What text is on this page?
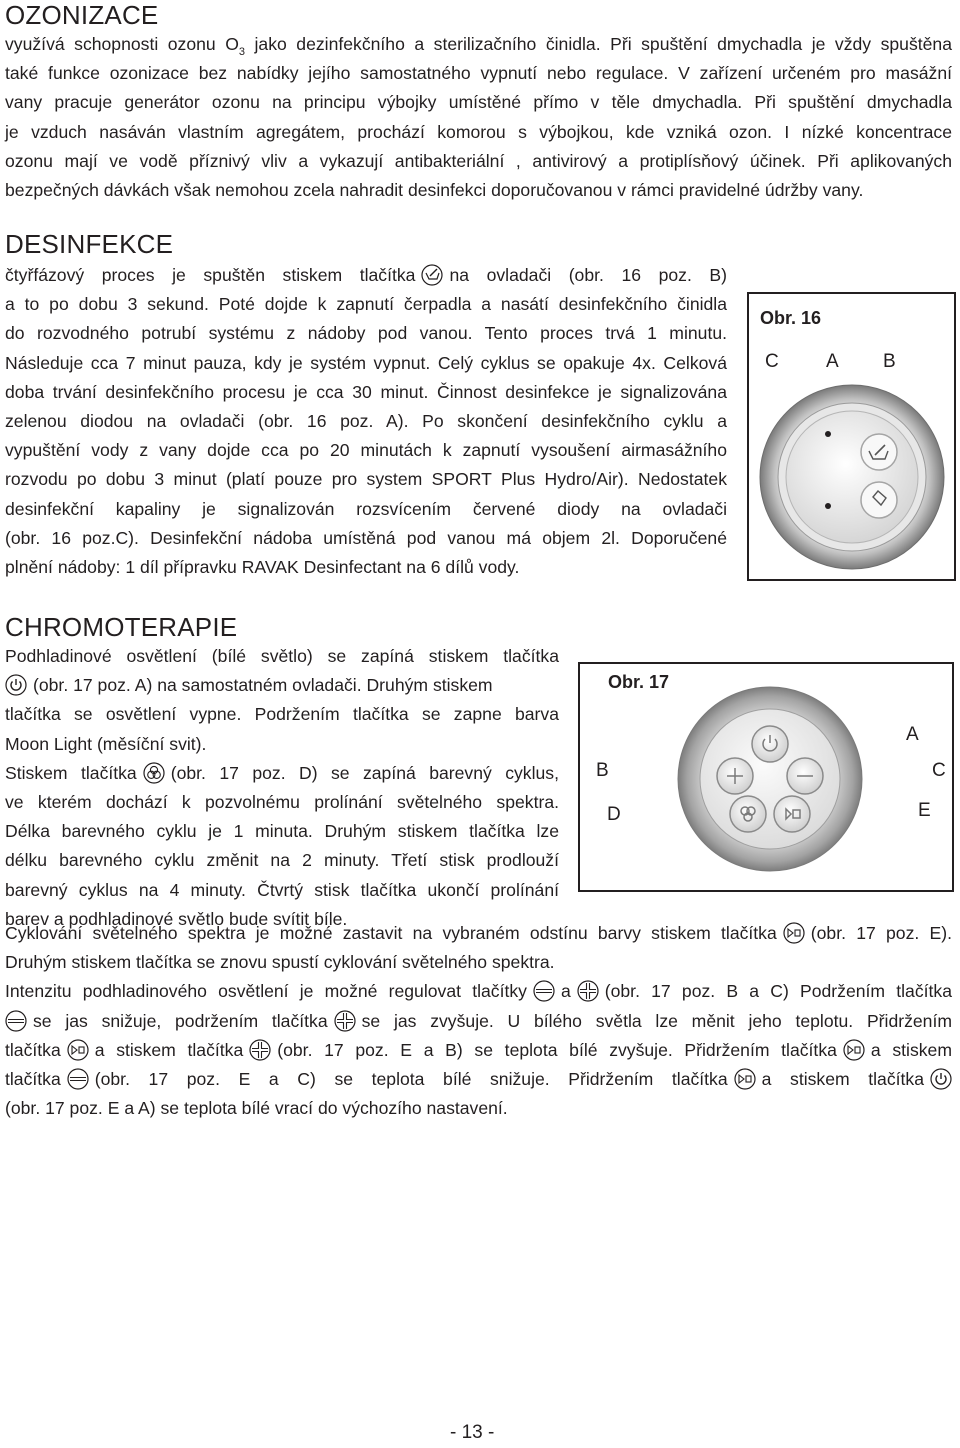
OZONIZACE
využívá schopnosti ozonu $O_3$ jako dezinfekčního a sterilizačního činidla. Při spuštění dmychadla je vždy spuštěna
také funkce ozonizace bez nabídky jejího samostatného vypnutí nebo regulace. V zařízení určeném pro masážní
vany pracuje generátor ozonu na principu výbojky umístěné přímo v těle dmychadla. Při spuštění dmychadla
je vzduch nasáván vlastním agregátem, prochází komorou s výbojkou, kde vzniká ozon. I nízké koncentrace
ozonu mají ve vodě příznivý vliv a vykazují antibakteriální , antivirový a protiplísňový účinek. Při aplikovaných
bezpečných dávkách však nemohou zcela nahradit desinfekci doporučovanou v rámci pravidelné údržby vany.
DESINFEKCE
čtyřfázový proces je spuštěn stiskem tlačítka na ovladači (obr. 16 poz. B)
a to po dobu 3 sekund. Poté dojde k zapnutí čerpadla a nasátí desinfekčního činidla
do rozvodného potrubí systému z nádoby pod vanou. Tento proces trvá 1 minutu.
Následuje cca 7 minut pauza, kdy je systém vypnut. Celý cyklus se opakuje 4x. Celková
doba trvání desinfekčního procesu je cca 30 minut. Činnost desinfekce je signalizována
zelenou diodou na ovladači (obr. 16 poz. A). Po skončení desinfekčního cyklu a
vypuštění vody z vany dojde cca po 20 minutách k zapnutí vysoušení airmasážního
rozvodu po dobu 3 minut (platí pouze pro system SPORT Plus Hydro/Air). Nedostatek
desinfekční kapaliny je signalizován rozsvícením červené diody na ovladači
(obr. 16 poz.C). Desinfekční nádoba umístěná pod vanou má objem 2l. Doporučené
plnění nádoby: 1 díl přípravku RAVAK Desinfectant na 6 dílů vody.
Obr. 16
C A B
CHROMOTERAPIE
Podhladinové osvětlení (bílé světlo) se zapíná stiskem tlačítka
(obr. 17 poz. A) na samostatném ovladači. Druhým stiskem
tlačítka se osvětlení vypne. Podržením tlačítka se zapne barva
Moon Light (měsíční svit).
Stiskem tlačítka (obr. 17 poz. D) se zapíná barevný cyklus,
ve kterém dochází k pozvolnému prolínání světelného spektra.
Délka barevného cyklu je 1 minuta. Druhým stiskem tlačítka lze
délku barevného cyklu změnit na 2 minuty. Třetí stisk prodlouží
barevný cyklus na 4 minuty. Čtvrtý stisk tlačítka ukončí prolínání
barev a podhladinové světlo bude svítit bíle.
Obr. 17
A
B	C
D	E
Cyklování světelného spektra je možné zastavit na vybraném odstínu barvy stiskem tlačítka (obr. 17 poz. E).
Druhým stiskem tlačítka se znovu spustí cyklování světelného spektra.
Intenzitu podhladinového osvětlení je možné regulovat tlačítky a (obr. 17 poz. B a C) Podržením tlačítka
se jas snižuje, podržením tlačítka se jas zvyšuje. U bílého světla lze měnit jeho teplotu. Přidržením
tlačítka a stiskem tlačítka (obr. 17 poz. E a B) se teplota bílé zvyšuje. Přidržením tlačítka a stiskem
tlačítka (obr. 17 poz. E a C) se teplota bílé snižuje. Přidržením tlačítka a stiskem tlačítka
(obr. 17 poz. E a A) se teplota bílé vrací do výchozího nastavení.
- 13 -
